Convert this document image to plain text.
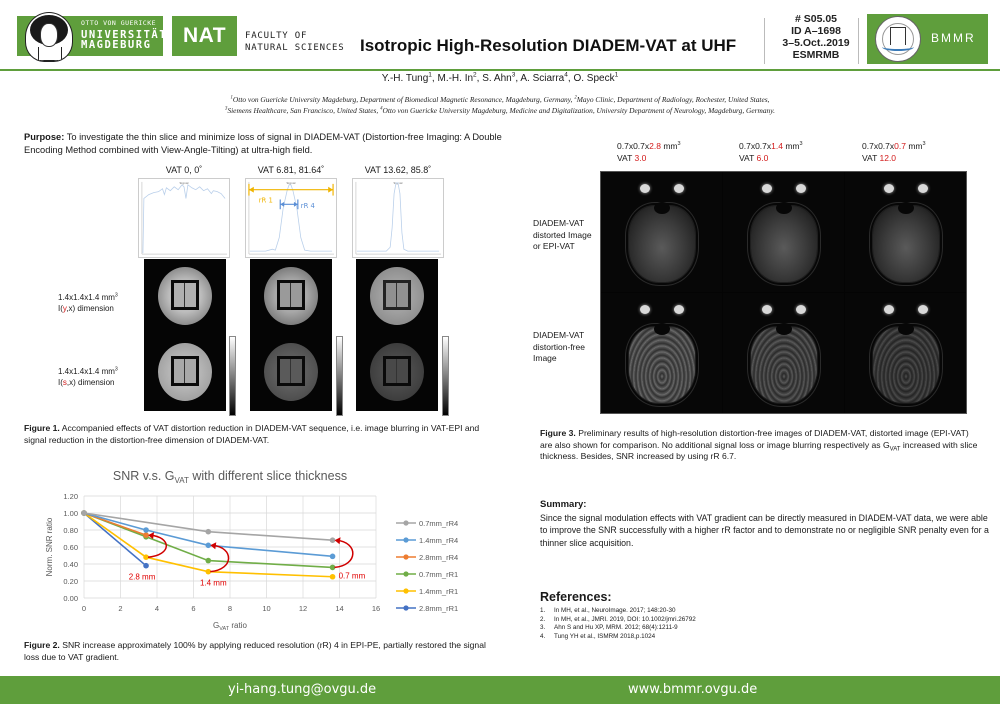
OTTO VON GUERICKE
UNIVERSITÄT
MAGDEBURG	NAT	FACULTY OF
NATURAL SCIENCES Isotropic High-Resolution DIADEM-VAT at UHF
# S05.05
ID A–1698
3–5.Oct..2019
ESMRMB
BMMR
Y.-H. Tung$^1$, M.-H. In$^2$, S. Ahn$^3$, A. Sciarra$^4$, O. Speck$^1$
$^1$Otto von Guericke University Magdeburg, Department of Biomedical Magnetic Resonance, Magdeburg, Germany, $^2$Mayo Clinic, Department of Radiology, Rochester, United States,
$^3$Siemens Healthcare, San Francisco, United States, $^4$Otto von Guericke University Magdeburg, Medicine and Digitalization, University Department of Neurology, Magdeburg, Germany.
Purpose: To investigate the thin slice and minimize loss of signal in DIADEM-VAT (Distortion-free Imaging: A Double Encoding Method combined with View-Angle-Tilting) at ultra-high field.
VAT 0, 0˚	VAT 6.81, 81.64˚	VAT 13.62, 85.8˚
Signal	Signal
rR 1
rR 4
Signal
1.4x1.4x1.4 $mm^3$
I(y,x) dimension
1.4x1.4x1.4 $mm^3$
I(s,x) dimension
Figure 1. Accompanied effects of VAT distortion reduction in DIADEM-VAT sequence, i.e. image blurring in VAT-EPI and signal reduction in the distortion-free dimension of DIADEM-VAT.
SNR v.s. $G_{VAT}$ with different slice thickness
0	2	4	6	8	10	12	14	16
0.00
0.20
0.40
0.60
0.80
1.00
1.20
$G_{VAT}$ ratio
Norm. SNR ratio
2.8 mm
1.4 mm
0.7 mm
0.7mm_rR4
1.4mm_rR4
2.8mm_rR4
0.7mm_rR1
1.4mm_rR1
2.8mm_rR1
Figure 2. SNR increase approximately 100% by applying reduced resolution (rR) 4 in EPI-PE, partially restored the signal loss due to VAT gradient.
0.7x0.7x2.8 $mm^3$
VAT 3.0
0.7x0.7x1.4 $mm^3$
VAT 6.0
0.7x0.7x0.7 $mm^3$
VAT 12.0
DIADEM-VAT
distorted Image
or EPI-VAT
DIADEM-VAT
distortion-free
Image
Figure 3. Preliminary results of high-resolution distortion-free images of DIADEM-VAT, distorted image (EPI-VAT) are also shown for comparison. No additional signal loss or image blurring respectively as $G_{VAT}$ increased with slice thickness. Besides, SNR increased by using rR 6.7.
Summary:
Since the signal modulation effects with VAT gradient can be directly measured in DIADEM-VAT data, we were able to improve the SNR successfully with a higher rR factor and to demonstrate no or negligible SNR penalty even for a thinner slice acquisition.
References:
1. In MH, et al., NeuroImage. 2017; 148:20-30
2. In MH, et al., JMRI. 2019, DOI: 10.1002/jmri.26792
3. Ahn S and Hu XP, MRM. 2012; 68(4):1211-9
4. Tung YH et al., ISMRM 2018,p.1024
yi-hang.tung@ovgu.de	www.bmmr.ovgu.de
